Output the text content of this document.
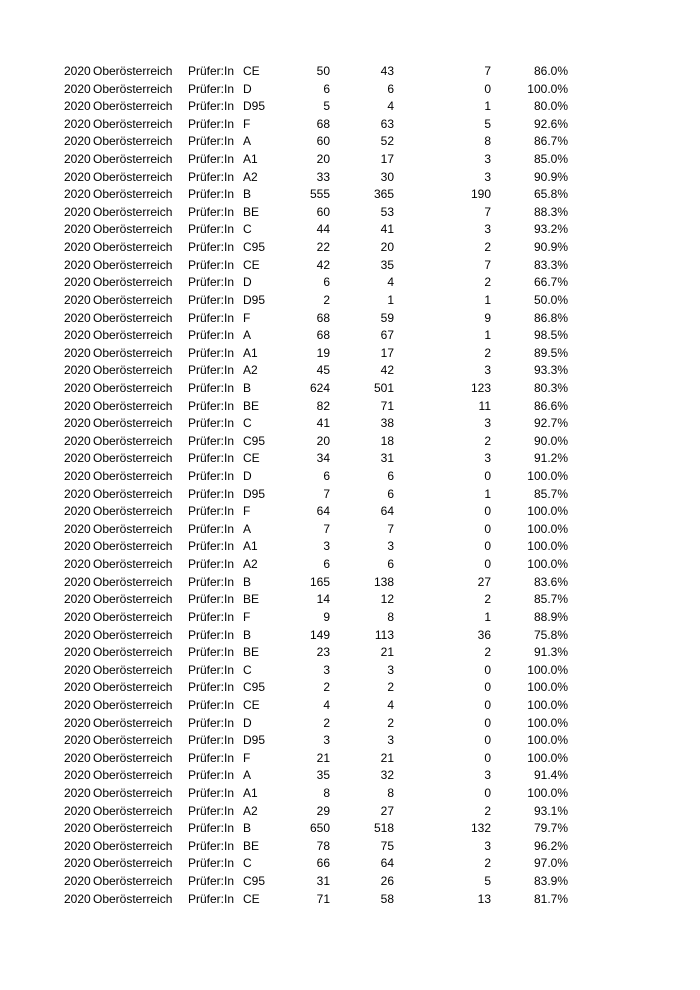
2020 Oberösterreich Prüfer:In CE	50	43	7	86.0%
2020 Oberösterreich Prüfer:In D	6	6	0	100.0%
2020 Oberösterreich Prüfer:In D95	5	4	1	80.0%
2020 Oberösterreich Prüfer:In F	68	63	5	92.6%
2020 Oberösterreich Prüfer:In A	60	52	8	86.7%
2020 Oberösterreich Prüfer:In A1	20	17	3	85.0%
2020 Oberösterreich Prüfer:In A2	33	30	3	90.9%
2020 Oberösterreich Prüfer:In B	555	365	190	65.8%
2020 Oberösterreich Prüfer:In BE	60	53	7	88.3%
2020 Oberösterreich Prüfer:In C	44	41	3	93.2%
2020 Oberösterreich Prüfer:In C95	22	20	2	90.9%
2020 Oberösterreich Prüfer:In CE	42	35	7	83.3%
2020 Oberösterreich Prüfer:In D	6	4	2	66.7%
2020 Oberösterreich Prüfer:In D95	2	1	1	50.0%
2020 Oberösterreich Prüfer:In F	68	59	9	86.8%
2020 Oberösterreich Prüfer:In A	68	67	1	98.5%
2020 Oberösterreich Prüfer:In A1	19	17	2	89.5%
2020 Oberösterreich Prüfer:In A2	45	42	3	93.3%
2020 Oberösterreich Prüfer:In B	624	501	123	80.3%
2020 Oberösterreich Prüfer:In BE	82	71	11	86.6%
2020 Oberösterreich Prüfer:In C	41	38	3	92.7%
2020 Oberösterreich Prüfer:In C95	20	18	2	90.0%
2020 Oberösterreich Prüfer:In CE	34	31	3	91.2%
2020 Oberösterreich Prüfer:In D	6	6	0	100.0%
2020 Oberösterreich Prüfer:In D95	7	6	1	85.7%
2020 Oberösterreich Prüfer:In F	64	64	0	100.0%
2020 Oberösterreich Prüfer:In A	7	7	0	100.0%
2020 Oberösterreich Prüfer:In A1	3	3	0	100.0%
2020 Oberösterreich Prüfer:In A2	6	6	0	100.0%
2020 Oberösterreich Prüfer:In B	165	138	27	83.6%
2020 Oberösterreich Prüfer:In BE	14	12	2	85.7%
2020 Oberösterreich Prüfer:In F	9	8	1	88.9%
2020 Oberösterreich Prüfer:In B	149	113	36	75.8%
2020 Oberösterreich Prüfer:In BE	23	21	2	91.3%
2020 Oberösterreich Prüfer:In C	3	3	0	100.0%
2020 Oberösterreich Prüfer:In C95	2	2	0	100.0%
2020 Oberösterreich Prüfer:In CE	4	4	0	100.0%
2020 Oberösterreich Prüfer:In D	2	2	0	100.0%
2020 Oberösterreich Prüfer:In D95	3	3	0	100.0%
2020 Oberösterreich Prüfer:In F	21	21	0	100.0%
2020 Oberösterreich Prüfer:In A	35	32	3	91.4%
2020 Oberösterreich Prüfer:In A1	8	8	0	100.0%
2020 Oberösterreich Prüfer:In A2	29	27	2	93.1%
2020 Oberösterreich Prüfer:In B	650	518	132	79.7%
2020 Oberösterreich Prüfer:In BE	78	75	3	96.2%
2020 Oberösterreich Prüfer:In C	66	64	2	97.0%
2020 Oberösterreich Prüfer:In C95	31	26	5	83.9%
2020 Oberösterreich Prüfer:In CE	71	58	13	81.7%
